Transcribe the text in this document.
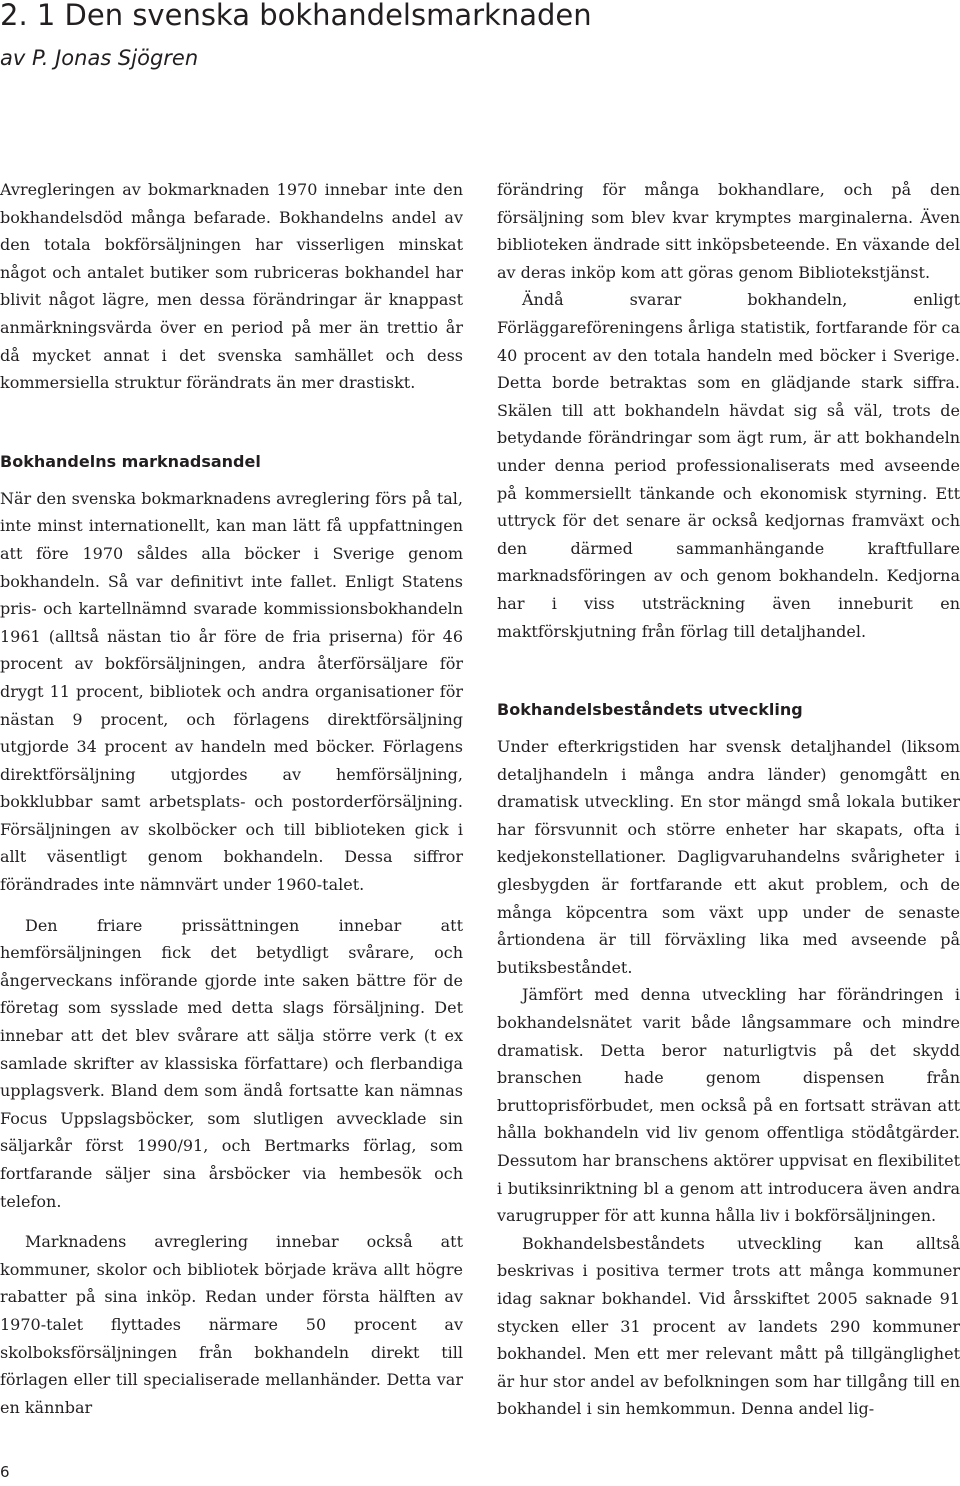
2. 1 Den svenska bokhandelsmarknaden

av P. Jonas Sjögren

Avregleringen av bokmarknaden 1970 innebar inte den bokhandelsdöd många befarade. Bokhandelns andel av den totala bokförsäljningen har visserligen minskat något och antalet butiker som rubriceras bokhandel har blivit något lägre, men dessa förändringar är knappast anmärkningsvärda över en period på mer än trettio år då mycket annat i det svenska samhället och dess kommersiella struktur förändrats än mer drastiskt.

Bokhandelns marknadsandel

När den svenska bokmarknadens avreglering förs på tal, inte minst internationellt, kan man lätt få uppfattningen att före 1970 såldes alla böcker i Sverige genom bokhandeln. Så var definitivt inte fallet. Enligt Statens pris- och kartellnämnd svarade kommissionsbokhandeln 1961 (alltså nästan tio år före de fria priserna) för 46 procent av bokförsäljningen, andra återförsäljare för drygt 11 procent, bibliotek och andra organisationer för nästan 9 procent, och förlagens direktförsäljning utgjorde 34 procent av handeln med böcker. Förlagens direktförsäljning utgjordes av hemförsäljning, bokklubbar samt arbetsplats- och postorderförsäljning. Försäljningen av skolböcker och till biblioteken gick i allt väsentligt genom bokhandeln. Dessa siffror förändrades inte nämnvärt under 1960-talet.

Den friare prissättningen innebar att hemförsäljningen fick det betydligt svårare, och ångerveckans införande gjorde inte saken bättre för de företag som sysslade med detta slags försäljning. Det innebar att det blev svårare att sälja större verk (t ex samlade skrifter av klassiska författare) och flerbandiga upplagsverk. Bland dem som ändå fortsatte kan nämnas Focus Uppslagsböcker, som slutligen avvecklade sin säljarkår först 1990/91, och Bertmarks förlag, som fortfarande säljer sina årsböcker via hembesök och telefon.

Marknadens avreglering innebar också att kommuner, skolor och bibliotek började kräva allt högre rabatter på sina inköp. Redan under första hälften av 1970-talet flyttades närmare 50 procent av skolboksförsäljningen från bokhandeln direkt till förlagen eller till specialiserade mellanhänder. Detta var en kännbar

förändring för många bokhandlare, och på den försäljning som blev kvar krymptes marginalerna. Även biblioteken ändrade sitt inköpsbeteende. En växande del av deras inköp kom att göras genom Bibliotekstjänst.

Ändå svarar bokhandeln, enligt Förläggareföreningens årliga statistik, fortfarande för ca 40 procent av den totala handeln med böcker i Sverige. Detta borde betraktas som en glädjande stark siffra. Skälen till att bokhandeln hävdat sig så väl, trots de betydande förändringar som ägt rum, är att bokhandeln under denna period professionaliserats med avseende på kommersiellt tänkande och ekonomisk styrning. Ett uttryck för det senare är också kedjornas framväxt och den därmed sammanhängande kraftfullare marknadsföringen av och genom bokhandeln. Kedjorna har i viss utsträckning även inneburit en maktförskjutning från förlag till detaljhandel.

Bokhandelsbeståndets utveckling

Under efterkrigstiden har svensk detaljhandel (liksom detaljhandeln i många andra länder) genomgått en dramatisk utveckling. En stor mängd små lokala butiker har försvunnit och större enheter har skapats, ofta i kedjekonstellationer. Dagligvaruhandelns svårigheter i glesbygden är fortfarande ett akut problem, och de många köpcentra som växt upp under de senaste årtiondena är till förväxling lika med avseende på butiksbeståndet.

Jämfört med denna utveckling har förändringen i bokhandelsnätet varit både långsammare och mindre dramatisk. Detta beror naturligtvis på det skydd branschen hade genom dispensen från bruttoprisförbudet, men också på en fortsatt strävan att hålla bokhandeln vid liv genom offentliga stödåtgärder. Dessutom har branschens aktörer uppvisat en flexibilitet i butiksinriktning bl a genom att introducera även andra varugrupper för att kunna hålla liv i bokförsäljningen.

Bokhandelsbeståndets utveckling kan alltså beskrivas i positiva termer trots att många kommuner idag saknar bokhandel. Vid årsskiftet 2005 saknade 91 stycken eller 31 procent av landets 290 kommuner bokhandel. Men ett mer relevant mått på tillgänglighet är hur stor andel av befolkningen som har tillgång till en bokhandel i sin hemkommun. Denna andel lig-

6
